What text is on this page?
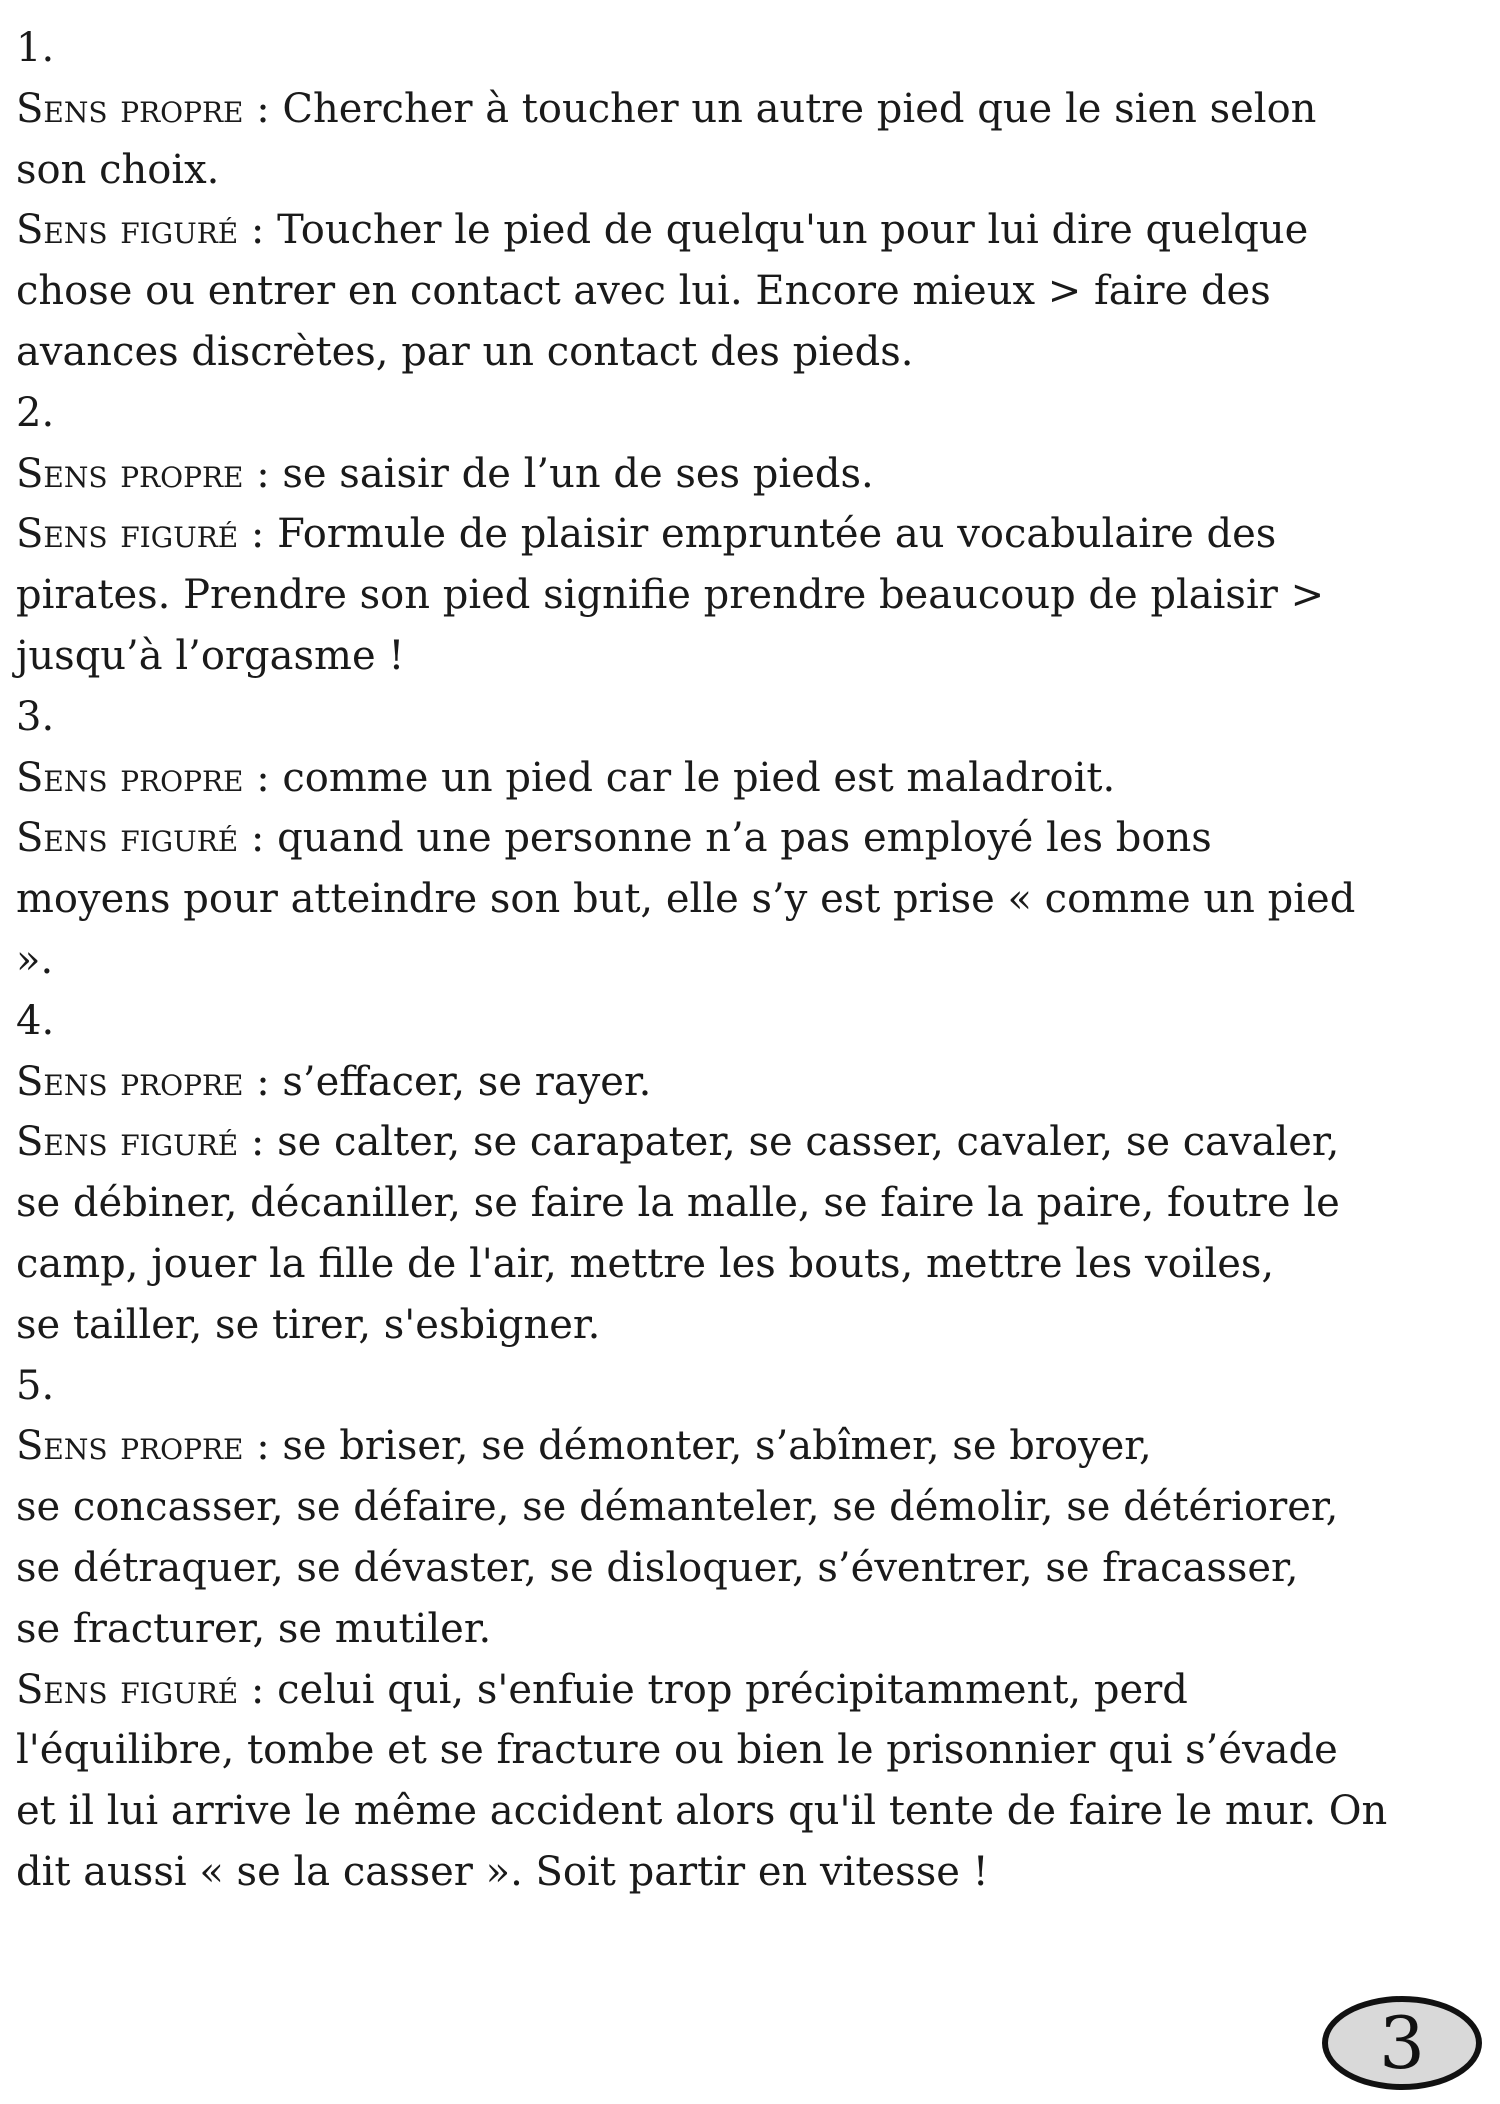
1.

Sens propre : Chercher à toucher un autre pied que le sien selon

son choix.

Sens figuré : Toucher le pied de quelqu'un pour lui dire quelque

chose ou entrer en contact avec lui. Encore mieux > faire des

avances discrètes, par un contact des pieds.

2.

Sens propre : se saisir de l’un de ses pieds.

Sens figuré : Formule de plaisir empruntée au vocabulaire des

pirates. Prendre son pied signifie prendre beaucoup de plaisir >

jusqu’à l’orgasme !

3.

Sens propre : comme un pied car le pied est maladroit.

Sens figuré : quand une personne n’a pas employé les bons

moyens pour atteindre son but, elle s’y est prise « comme un pied

».

4.

Sens propre : s’effacer, se rayer.

Sens figuré : se calter, se carapater, se casser, cavaler, se cavaler,

se débiner, décaniller, se faire la malle, se faire la paire, foutre le

camp, jouer la fille de l'air, mettre les bouts, mettre les voiles,

se tailler, se tirer, s'esbigner.

5.

Sens propre : se briser, se démonter, s’abîmer, se broyer,

se concasser, se défaire, se démanteler, se démolir, se détériorer,

se détraquer, se dévaster, se disloquer, s’éventrer, se fracasser,

se fracturer, se mutiler.

Sens figuré : celui qui, s'enfuie trop précipitamment, perd

l'équilibre, tombe et se fracture ou bien le prisonnier qui s’évade

et il lui arrive le même accident alors qu'il tente de faire le mur. On

dit aussi « se la casser ». Soit partir en vitesse !

3
